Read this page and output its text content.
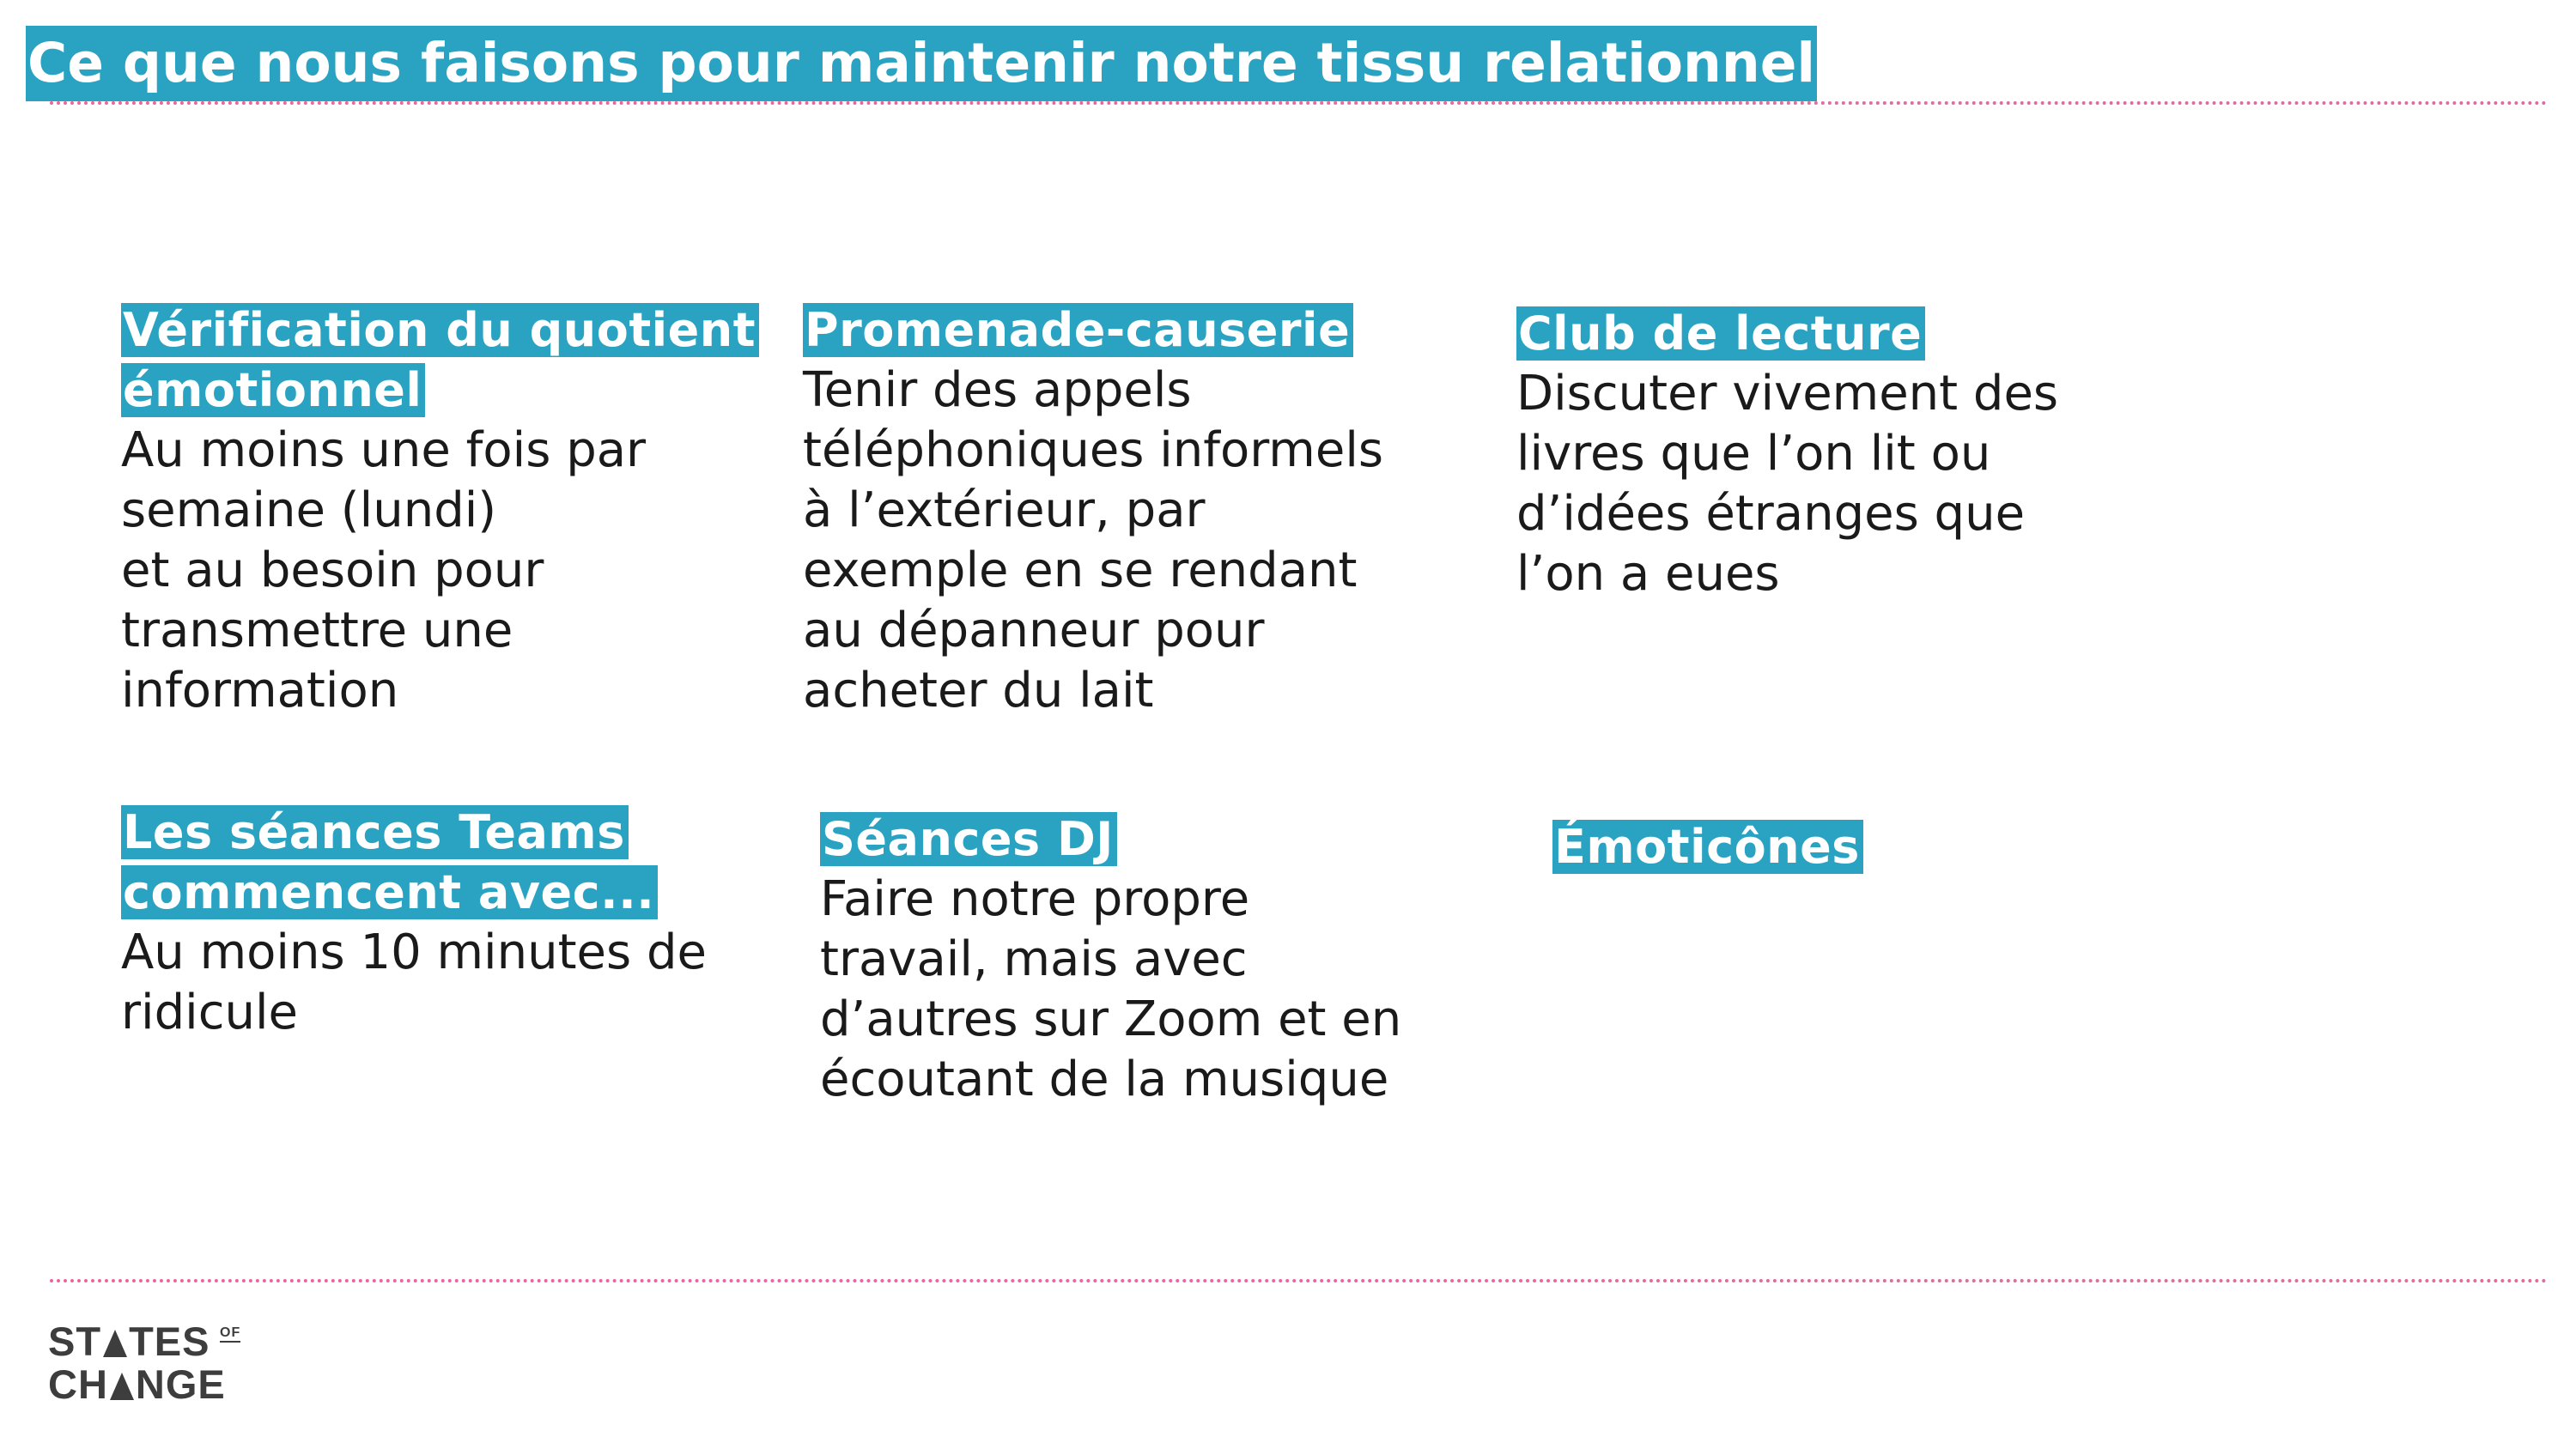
Ce que nous faisons pour maintenir notre tissu relationnel
Vérification du quotient
émotionnel
Au moins une fois par
semaine (lundi)
et au besoin pour
transmettre une
information
Promenade-causerie
Tenir des appels
téléphoniques informels
à l’extérieur, par
exemple en se rendant
au dépanneur pour
acheter du lait
Club de lecture
Discuter vivement des
livres que l’on lit ou
d’idées étranges que
l’on a eues
Les séances Teams
commencent avec...
Au moins 10 minutes de
ridicule
Séances DJ
Faire notre propre
travail, mais avec
d’autres sur Zoom et en
écoutant de la musique
Émoticônes
ST TES OF
CH NGE
